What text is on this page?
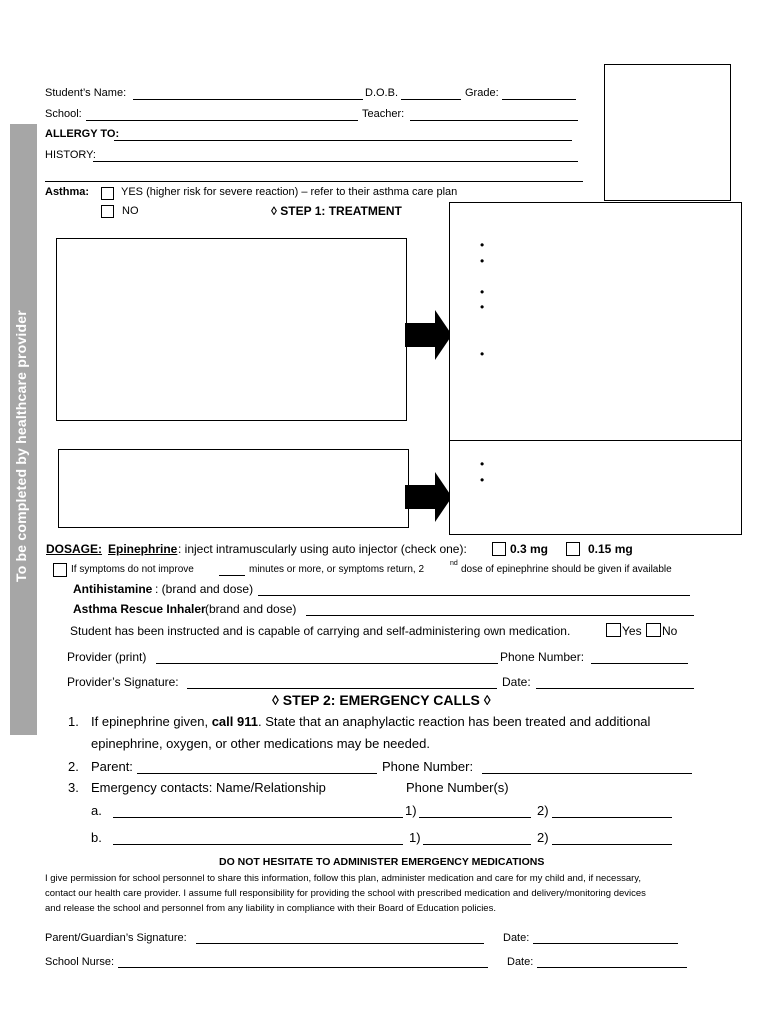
To be completed by healthcare provider
Student’s Name:	D.O.B.	Grade:
School:	Teacher:
ALLERGY TO:
HISTORY:
Asthma:	YES (higher risk for severe reaction) – refer to their asthma care plan
NO	◊ STEP 1: TREATMENT
•
•
•
•
•
•
•
DOSAGE: Epinephrine : inject intramuscularly using auto injector (check one):	0.3 mg	0.15 mg
If symptoms do not improve	minutes or more, or symptoms return, 2
nd
dose of epinephrine should be given if available
Antihistamine : (brand and dose)
Asthma Rescue Inhaler (brand and dose)
Student has been instructed and is capable of carrying and self-administering own medication.	Yes No
Provider (print)	Phone Number:
Provider’s Signature:	Date:
◊ STEP 2: EMERGENCY CALLS ◊
1. If epinephrine given, call 911. State that an anaphylactic reaction has been treated and additional
epinephrine, oxygen, or other medications may be needed.
2. Parent:	Phone Number:
3. Emergency contacts: Name/Relationship	Phone Number(s)
a.	1)	2)
b.	1)	2)
DO NOT HESITATE TO ADMINISTER EMERGENCY MEDICATIONS
I give permission for school personnel to share this information, follow this plan, administer medication and care for my child and, if necessary,
contact our health care provider. I assume full responsibility for providing the school with prescribed medication and delivery/monitoring devices
and release the school and personnel from any liability in compliance with their Board of Education policies.
Parent/Guardian’s Signature:	Date:
School Nurse:	Date:
